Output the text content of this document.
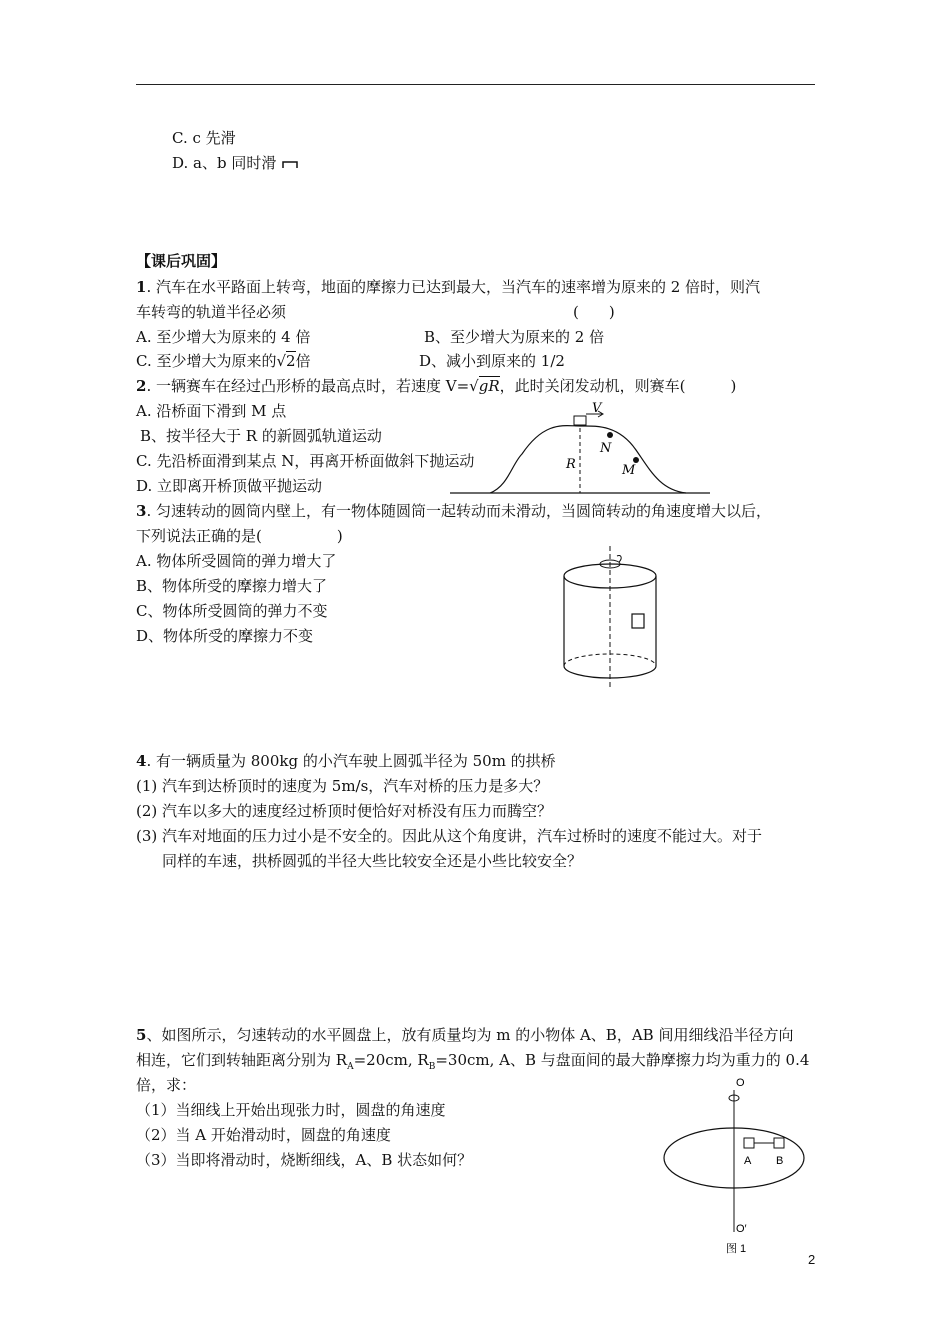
C. c 先滑
D. a、b 同时滑
【课后巩固】
1. 汽车在水平路面上转弯，地面的摩擦力已达到最大，当汽车的速率增为原来的 2 倍时，则汽
车转弯的轨道半径必须	(　　)
A. 至少增大为原来的 4 倍	B、至少增大为原来的 2 倍
C. 至少增大为原来的√2倍	D、减小到原来的 1/2
2. 一辆赛车在经过凸形桥的最高点时，若速度 V=√gR，此时关闭发动机，则赛车(　　　)
A. 沿桥面下滑到 M 点
B、按半径大于 R 的新圆弧轨道运动
C. 先沿桥面滑到某点 N，再离开桥面做斜下抛运动
D. 立即离开桥顶做平抛运动
V
N
M
R
3. 匀速转动的圆筒内壁上，有一物体随圆筒一起转动而未滑动，当圆筒转动的角速度增大以后，
下列说法正确的是(　　　　　)
A. 物体所受圆筒的弹力增大了
B、物体所受的摩擦力增大了
C、物体所受圆筒的弹力不变
D、物体所受的摩擦力不变
4. 有一辆质量为 800kg 的小汽车驶上圆弧半径为 50m 的拱桥
(1) 汽车到达桥顶时的速度为 5m/s，汽车对桥的压力是多大？
(2) 汽车以多大的速度经过桥顶时便恰好对桥没有压力而腾空？
(3) 汽车对地面的压力过小是不安全的。因此从这个角度讲，汽车过桥时的速度不能过大。对于
同样的车速，拱桥圆弧的半径大些比较安全还是小些比较安全？
5、如图所示，匀速转动的水平圆盘上，放有质量均为 m 的小物体 A、B，AB 间用细线沿半径方向
相连，它们到转轴距离分别为 $R_A=20cm$, $R_B=30cm$, A、B 与盘面间的最大静摩擦力均为重力的 0.4
倍，求：
（1）当细线上开始出现张力时，圆盘的角速度
（2）当 A 开始滑动时，圆盘的角速度
（3）当即将滑动时，烧断细线，A、B 状态如何？
O
O′
A B
图 1
2
